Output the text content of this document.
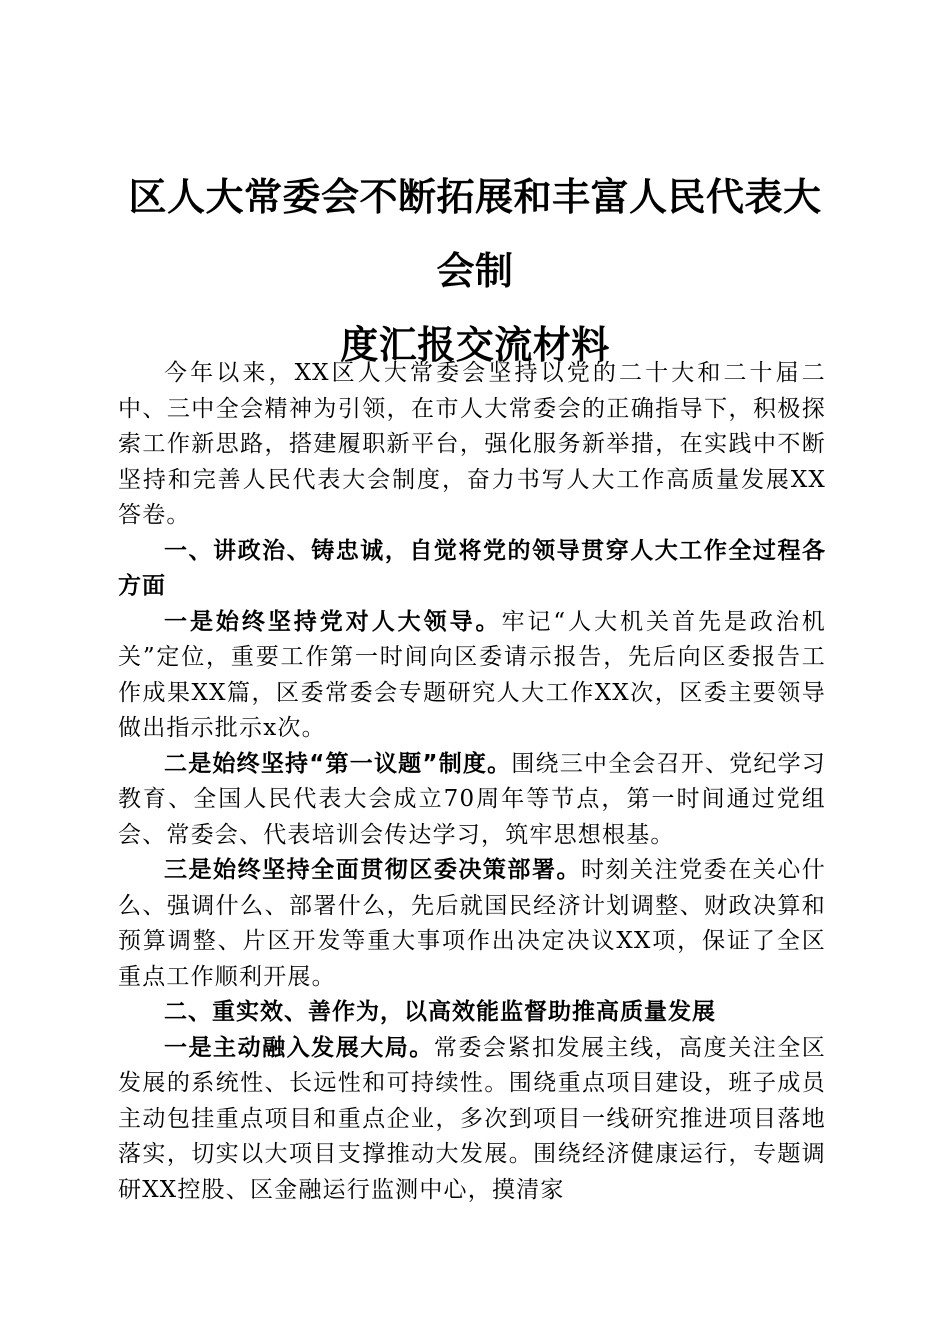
区人大常委会不断拓展和丰富人民代表大会制
度汇报交流材料

今年以来，XX区人大常委会坚持以党的二十大和二十届二中、三中全会精神为引领，在市人大常委会的正确指导下，积极探索工作新思路，搭建履职新平台，强化服务新举措，在实践中不断坚持和完善人民代表大会制度，奋力书写人大工作高质量发展XX答卷。

一、讲政治、铸忠诚，自觉将党的领导贯穿人大工作全过程各方面

一是始终坚持党对人大领导。牢记“人大机关首先是政治机关”定位，重要工作第一时间向区委请示报告，先后向区委报告工作成果XX篇，区委常委会专题研究人大工作XX次，区委主要领导做出指示批示x次。

二是始终坚持“第一议题”制度。围绕三中全会召开、党纪学习教育、全国人民代表大会成立70周年等节点，第一时间通过党组会、常委会、代表培训会传达学习，筑牢思想根基。

三是始终坚持全面贯彻区委决策部署。时刻关注党委在关心什么、强调什么、部署什么，先后就国民经济计划调整、财政决算和预算调整、片区开发等重大事项作出决定决议XX项，保证了全区重点工作顺利开展。

二、重实效、善作为，以高效能监督助推高质量发展

一是主动融入发展大局。常委会紧扣发展主线，高度关注全区发展的系统性、长远性和可持续性。围绕重点项目建设，班子成员主动包挂重点项目和重点企业，多次到项目一线研究推进项目落地落实，切实以大项目支撑推动大发展。围绕经济健康运行，专题调研XX控股、区金融运行监测中心，摸清家
